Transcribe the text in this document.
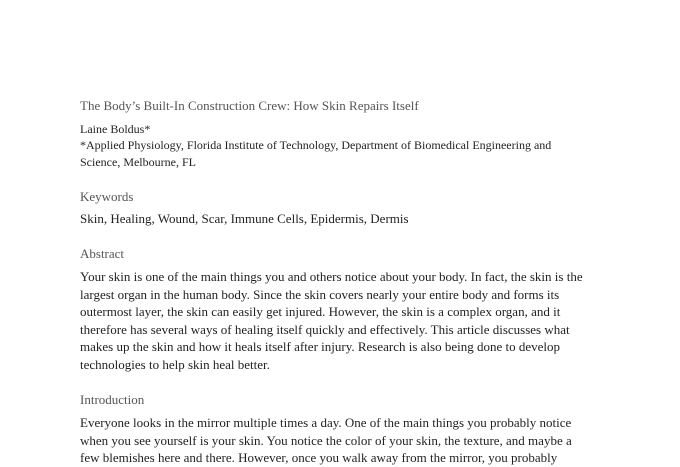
The Body’s Built-In Construction Crew: How Skin Repairs Itself
Laine Boldus*
*Applied Physiology, Florida Institute of Technology, Department of Biomedical Engineering and
Science, Melbourne, FL
Keywords
Skin, Healing, Wound, Scar, Immune Cells, Epidermis, Dermis
Abstract
Your skin is one of the main things you and others notice about your body. In fact, the skin is the
largest organ in the human body. Since the skin covers nearly your entire body and forms its
outermost layer, the skin can easily get injured. However, the skin is a complex organ, and it
therefore has several ways of healing itself quickly and effectively. This article discusses what
makes up the skin and how it heals itself after injury. Research is also being done to develop
technologies to help skin heal better.
Introduction
Everyone looks in the mirror multiple times a day. One of the main things you probably notice
when you see yourself is your skin. You notice the color of your skin, the texture, and maybe a
few blemishes here and there. However, once you walk away from the mirror, you probably
